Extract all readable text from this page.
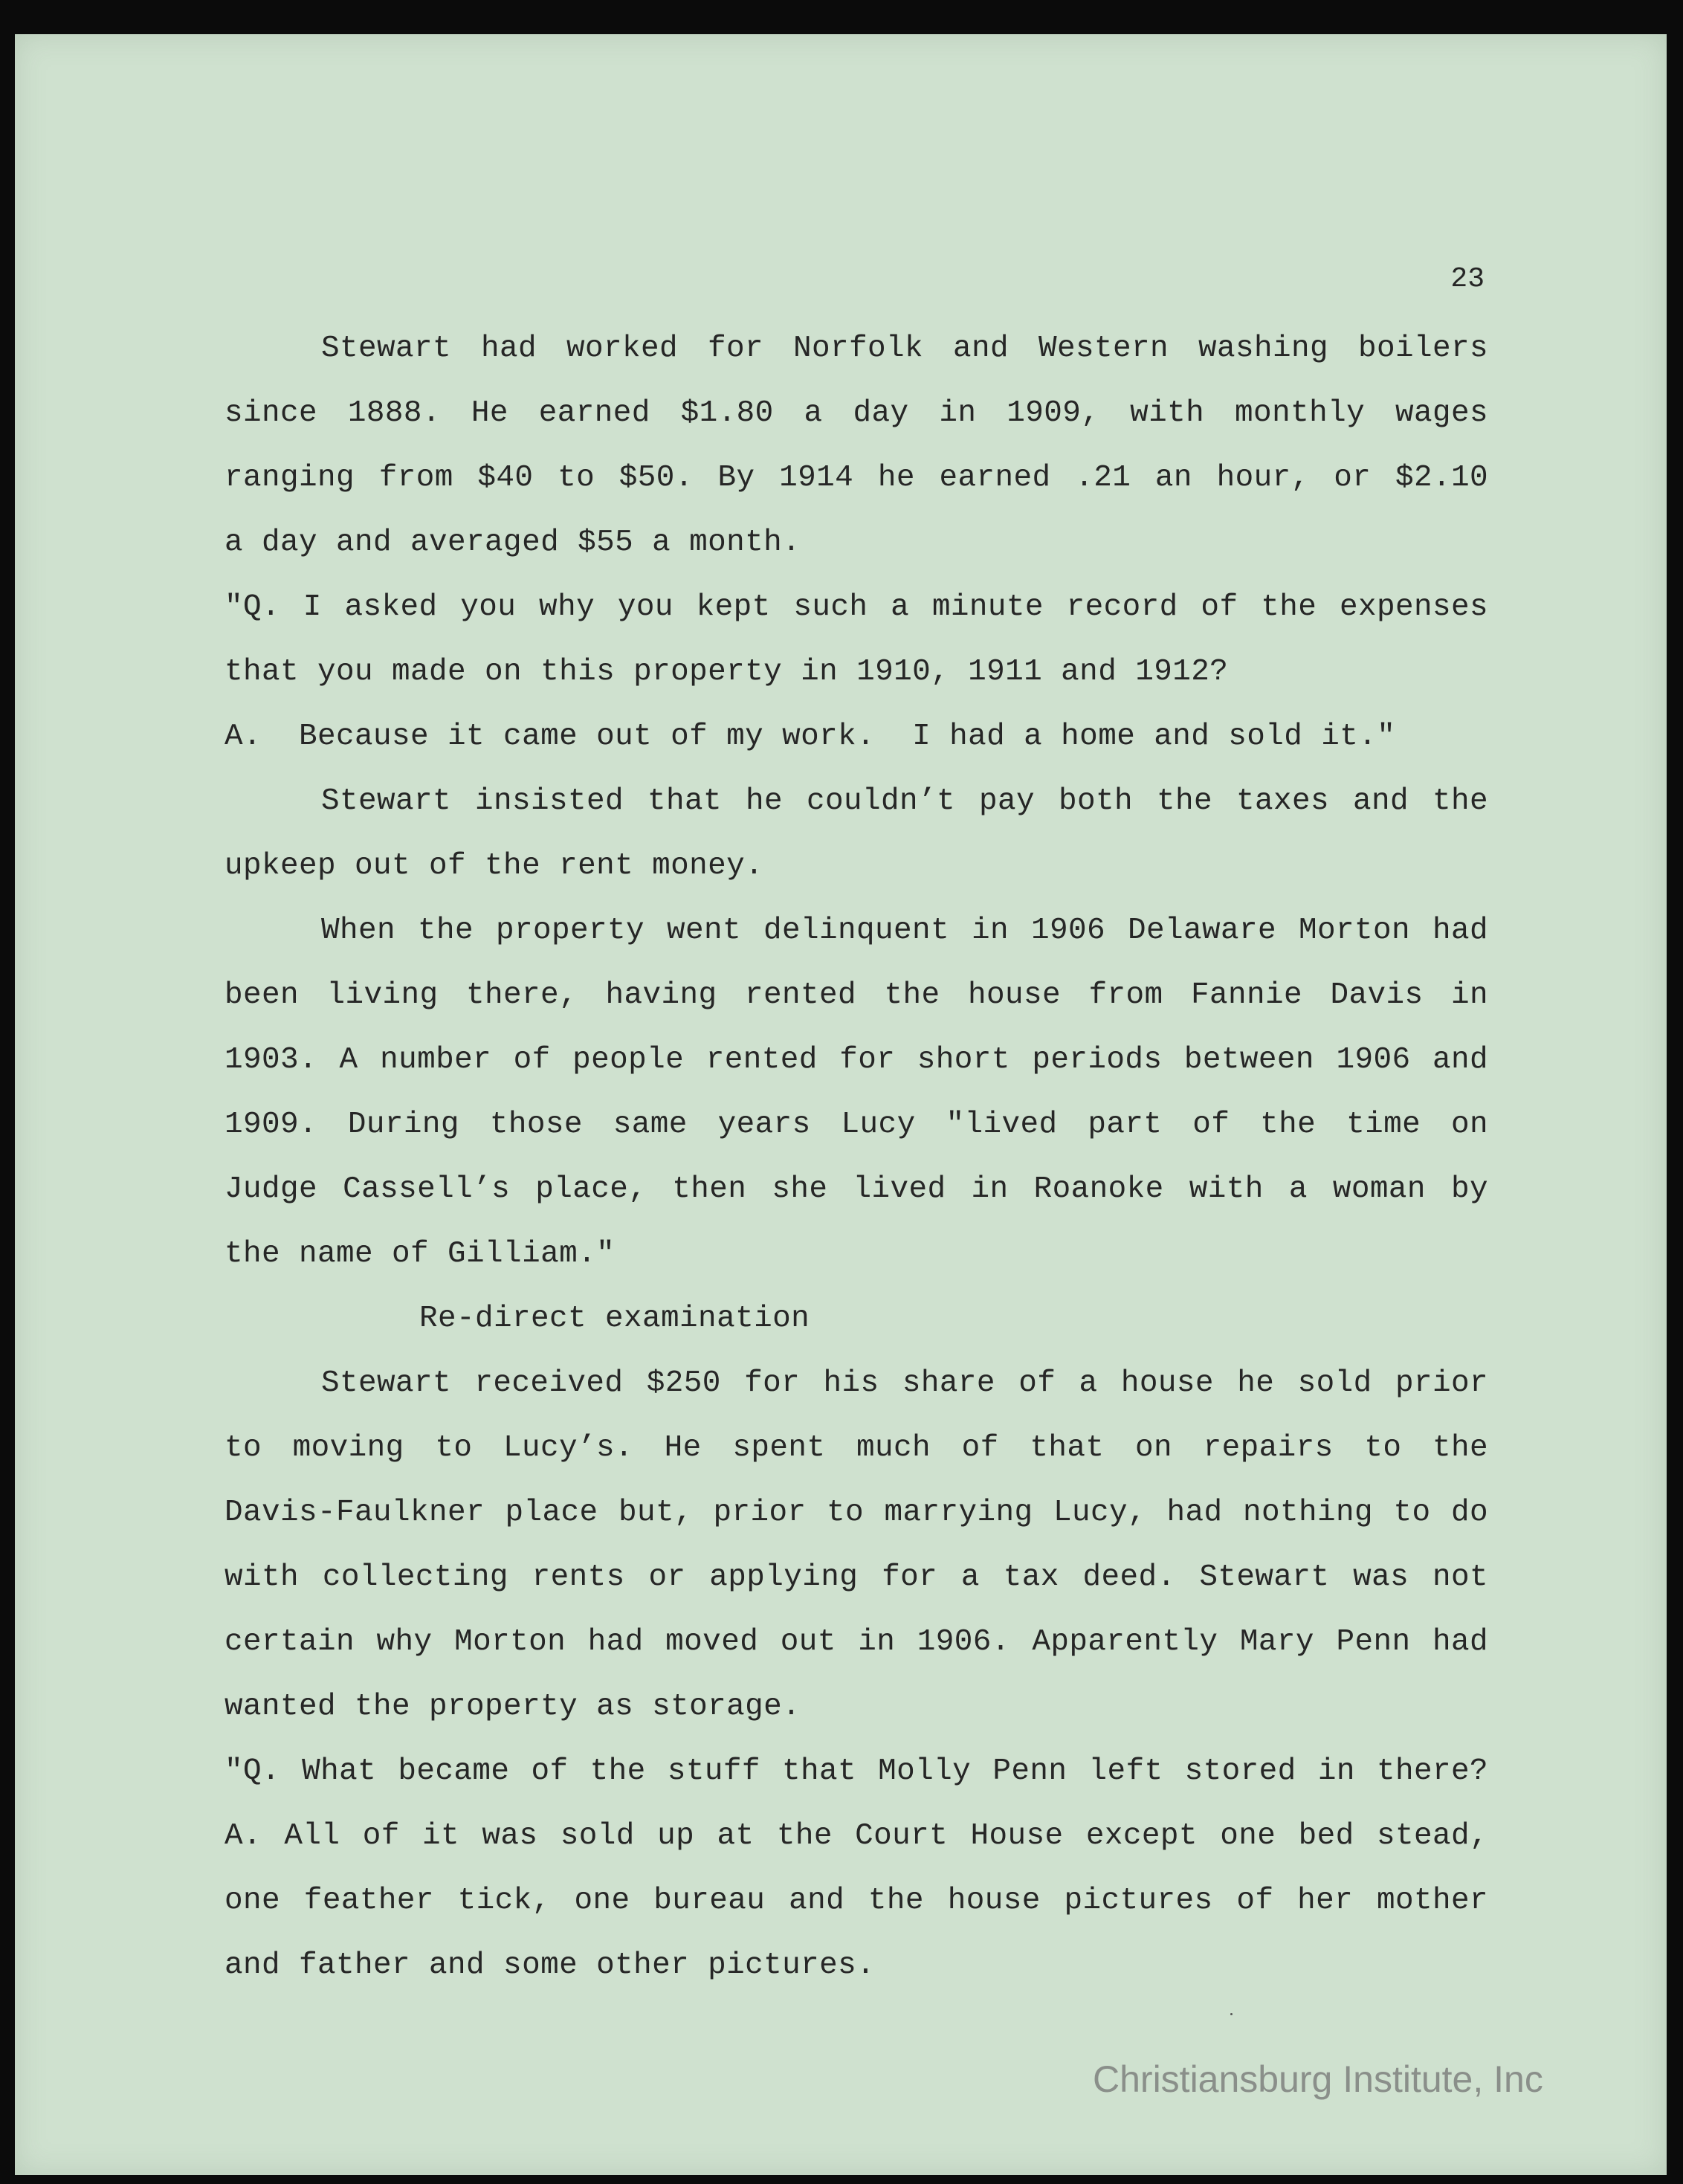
23
Stewart had worked for Norfolk and Western washing boilers
since 1888. He earned $1.80 a day in 1909, with monthly wages
ranging from $40 to $50. By 1914 he earned .21 an hour, or $2.10
a day and averaged $55 a month.
"Q. I asked you why you kept such a minute record of the expenses
that you made on this property in 1910, 1911 and 1912?
A.  Because it came out of my work.  I had a home and sold it."
Stewart insisted that he couldn’t pay both the taxes and the
upkeep out of the rent money.
When the property went delinquent in 1906 Delaware Morton had
been living there, having rented the house from Fannie Davis in
1903. A number of people rented for short periods between 1906 and
1909. During those same years Lucy "lived part of the time on
Judge Cassell’s place, then she lived in Roanoke with a woman by
the name of Gilliam."
Re-direct examination
Stewart received $250 for his share of a house he sold prior
to moving to Lucy’s. He spent much of that on repairs to the
Davis-Faulkner place but, prior to marrying Lucy, had nothing to do
with collecting rents or applying for a tax deed. Stewart was not
certain why Morton had moved out in 1906. Apparently Mary Penn had
wanted the property as storage.
"Q. What became of the stuff that Molly Penn left stored in there?
A. All of it was sold up at the Court House except one bed stead,
one feather tick, one bureau and the house pictures of her mother
and father and some other pictures.
Christiansburg Institute, Inc
